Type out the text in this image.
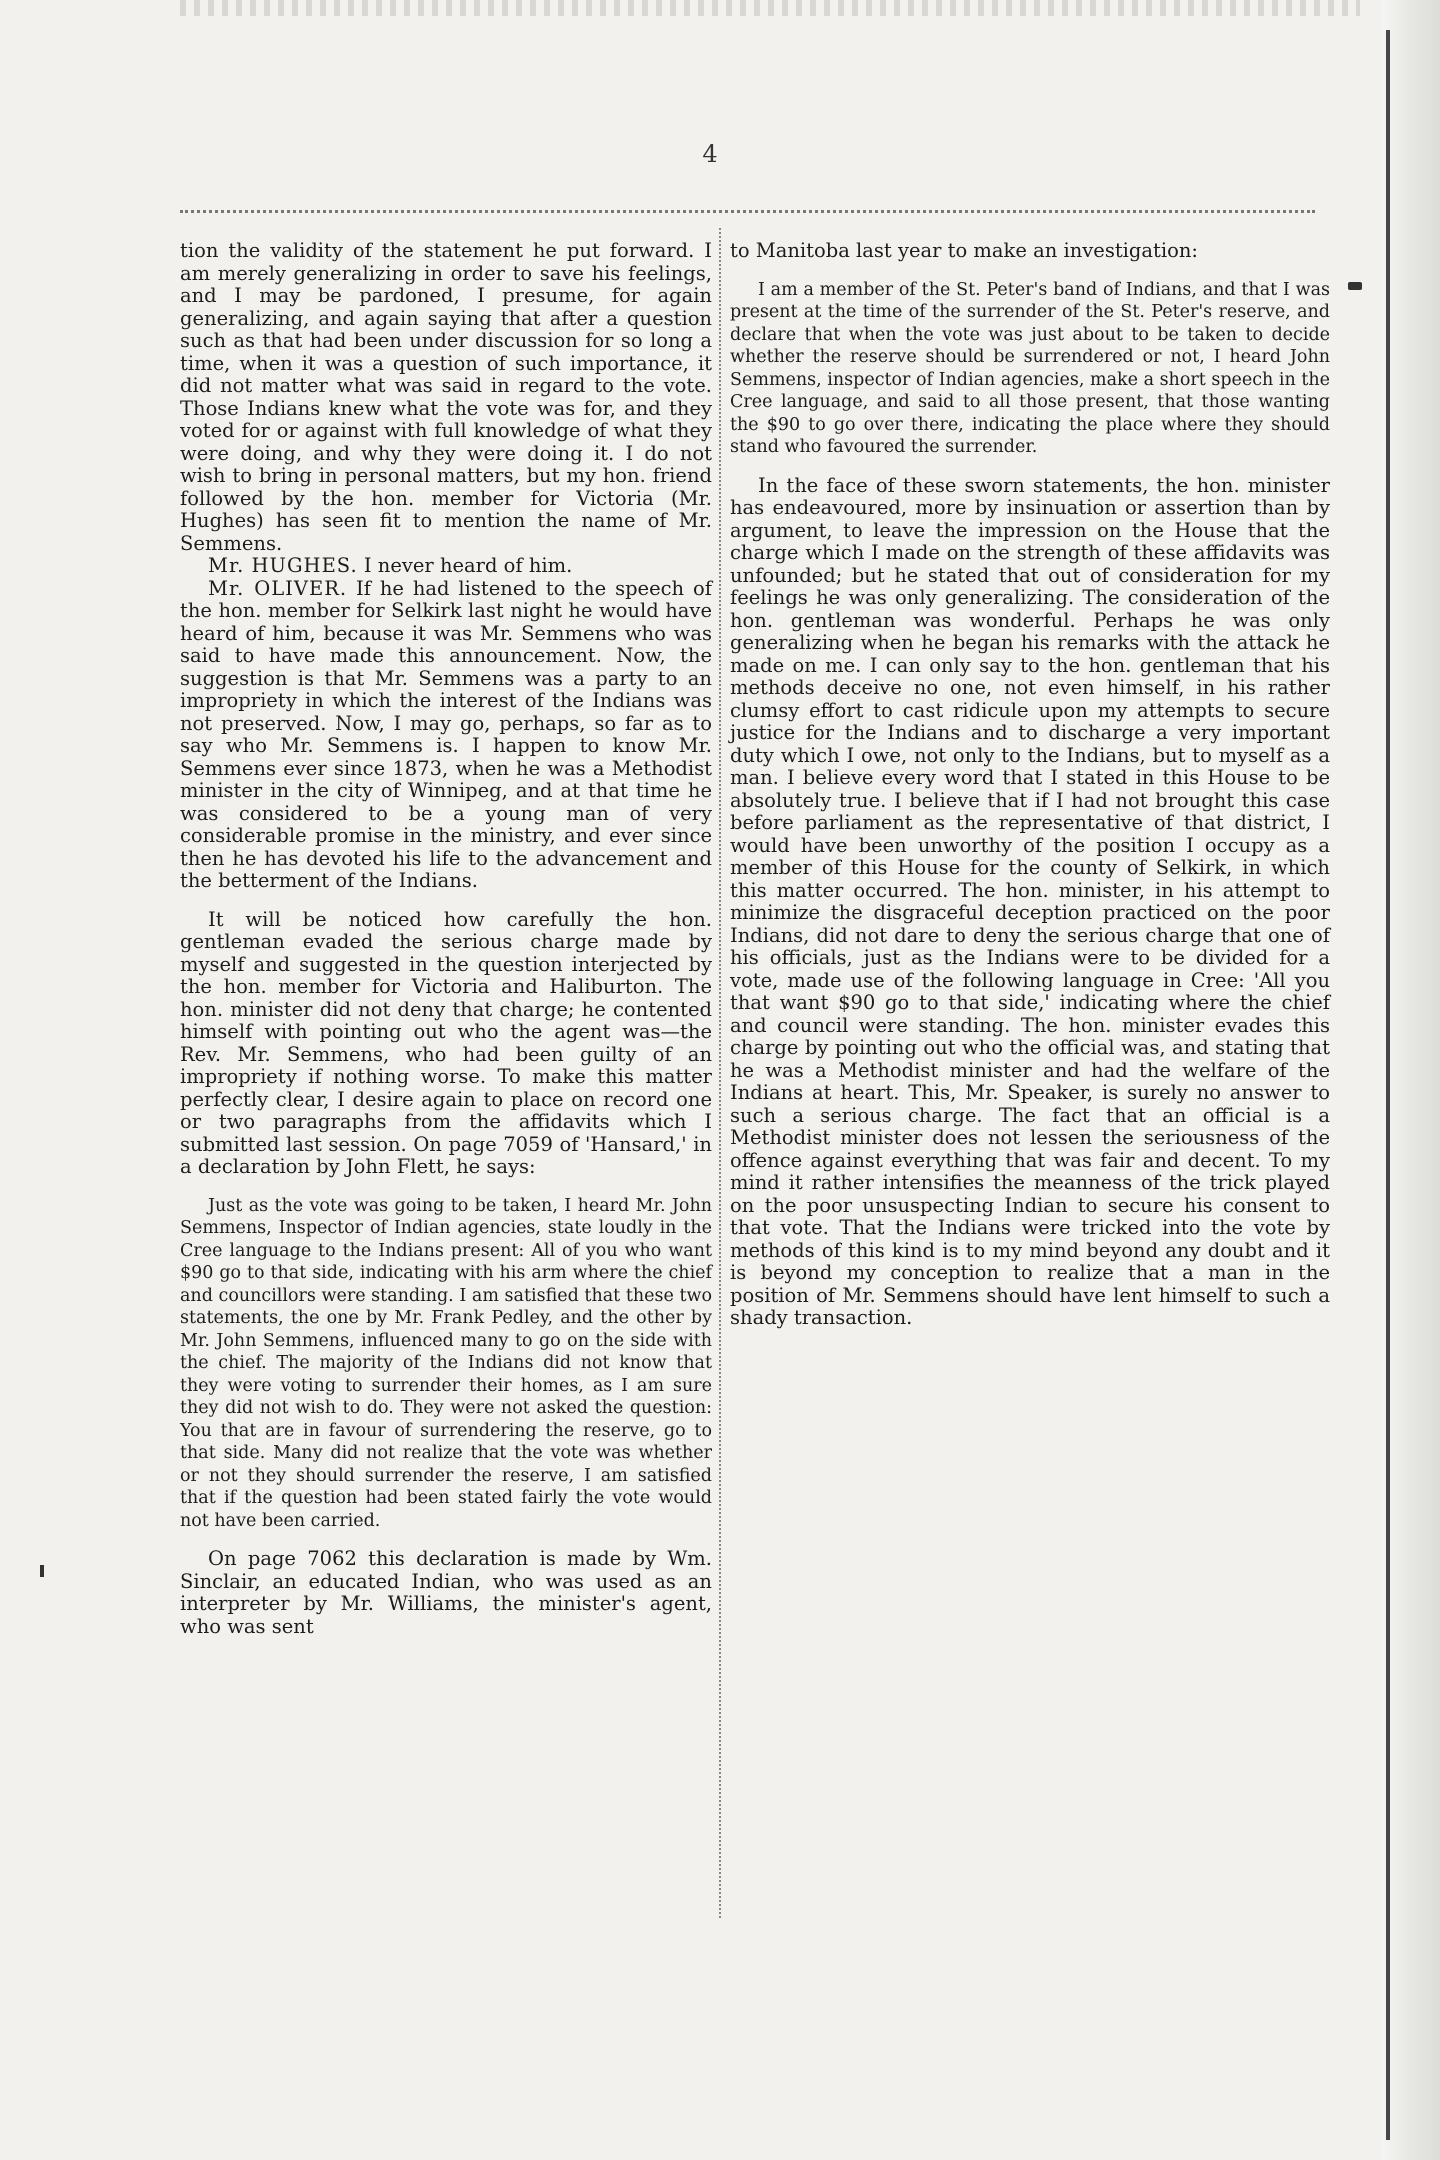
4

tion the validity of the statement he put forward. I am merely generalizing in order to save his feelings, and I may be pardoned, I presume, for again generalizing, and again saying that after a question such as that had been under discussion for so long a time, when it was a question of such importance, it did not matter what was said in regard to the vote. Those Indians knew what the vote was for, and they voted for or against with full knowledge of what they were doing, and why they were doing it. I do not wish to bring in personal matters, but my hon. friend followed by the hon. member for Victoria (Mr. Hughes) has seen fit to mention the name of Mr. Semmens.

Mr. HUGHES. I never heard of him.

Mr. OLIVER. If he had listened to the speech of the hon. member for Selkirk last night he would have heard of him, because it was Mr. Semmens who was said to have made this announcement. Now, the suggestion is that Mr. Semmens was a party to an impropriety in which the interest of the Indians was not preserved. Now, I may go, perhaps, so far as to say who Mr. Semmens is. I happen to know Mr. Semmens ever since 1873, when he was a Methodist minister in the city of Winnipeg, and at that time he was considered to be a young man of very considerable promise in the ministry, and ever since then he has devoted his life to the advancement and the betterment of the Indians.

It will be noticed how carefully the hon. gentleman evaded the serious charge made by myself and suggested in the question interjected by the hon. member for Victoria and Haliburton. The hon. minister did not deny that charge; he contented himself with pointing out who the agent was—the Rev. Mr. Semmens, who had been guilty of an impropriety if nothing worse. To make this matter perfectly clear, I desire again to place on record one or two paragraphs from the affidavits which I submitted last session. On page 7059 of 'Hansard,' in a declaration by John Flett, he says:

Just as the vote was going to be taken, I heard Mr. John Semmens, Inspector of Indian agencies, state loudly in the Cree language to the Indians present: All of you who want $90 go to that side, indicating with his arm where the chief and councillors were standing. I am satisfied that these two statements, the one by Mr. Frank Pedley, and the other by Mr. John Semmens, influenced many to go on the side with the chief. The majority of the Indians did not know that they were voting to surrender their homes, as I am sure they did not wish to do. They were not asked the question: You that are in favour of surrendering the reserve, go to that side. Many did not realize that the vote was whether or not they should surrender the reserve, I am satisfied that if the question had been stated fairly the vote would not have been carried.

On page 7062 this declaration is made by Wm. Sinclair, an educated Indian, who was used as an interpreter by Mr. Williams, the minister's agent, who was sent

to Manitoba last year to make an investigation:

I am a member of the St. Peter's band of Indians, and that I was present at the time of the surrender of the St. Peter's reserve, and declare that when the vote was just about to be taken to decide whether the reserve should be surrendered or not, I heard John Semmens, inspector of Indian agencies, make a short speech in the Cree language, and said to all those present, that those wanting the $90 to go over there, indicating the place where they should stand who favoured the surrender.

In the face of these sworn statements, the hon. minister has endeavoured, more by insinuation or assertion than by argument, to leave the impression on the House that the charge which I made on the strength of these affidavits was unfounded; but he stated that out of consideration for my feelings he was only generalizing. The consideration of the hon. gentleman was wonderful. Perhaps he was only generalizing when he began his remarks with the attack he made on me. I can only say to the hon. gentleman that his methods deceive no one, not even himself, in his rather clumsy effort to cast ridicule upon my attempts to secure justice for the Indians and to discharge a very important duty which I owe, not only to the Indians, but to myself as a man. I believe every word that I stated in this House to be absolutely true. I believe that if I had not brought this case before parliament as the representative of that district, I would have been unworthy of the position I occupy as a member of this House for the county of Selkirk, in which this matter occurred. The hon. minister, in his attempt to minimize the disgraceful deception practiced on the poor Indians, did not dare to deny the serious charge that one of his officials, just as the Indians were to be divided for a vote, made use of the following language in Cree: 'All you that want $90 go to that side,' indicating where the chief and council were standing. The hon. minister evades this charge by pointing out who the official was, and stating that he was a Methodist minister and had the welfare of the Indians at heart. This, Mr. Speaker, is surely no answer to such a serious charge. The fact that an official is a Methodist minister does not lessen the seriousness of the offence against everything that was fair and decent. To my mind it rather intensifies the meanness of the trick played on the poor unsuspecting Indian to secure his consent to that vote. That the Indians were tricked into the vote by methods of this kind is to my mind beyond any doubt and it is beyond my conception to realize that a man in the position of Mr. Semmens should have lent himself to such a shady transaction.
